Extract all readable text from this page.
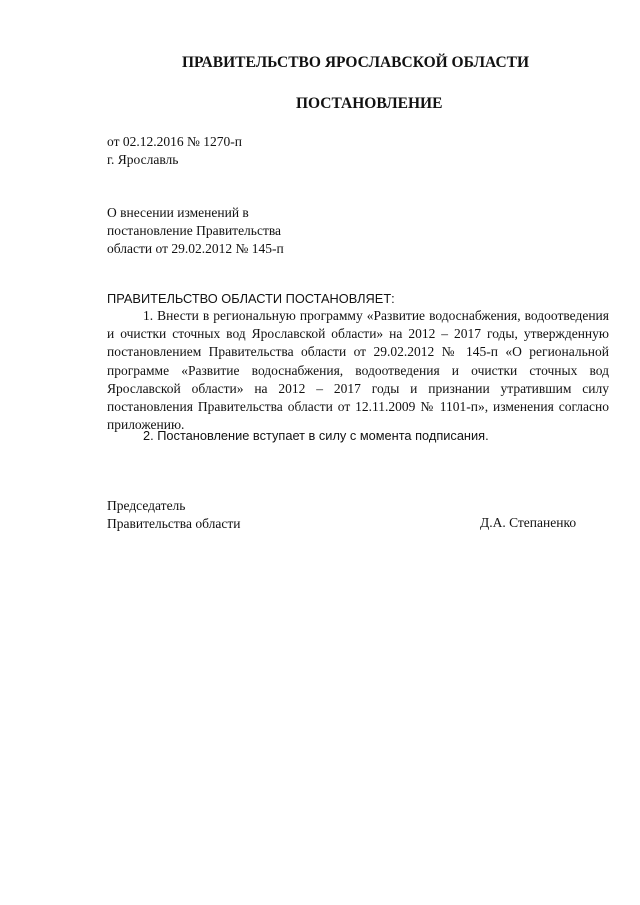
ПРАВИТЕЛЬСТВО ЯРОСЛАВСКОЙ ОБЛАСТИ
ПОСТАНОВЛЕНИЕ
от 02.12.2016 № 1270-п
г. Ярославль
О внесении изменений в
постановление Правительства
области от 29.02.2012 № 145-п
ПРАВИТЕЛЬСТВО ОБЛАСТИ ПОСТАНОВЛЯЕТ:
1. Внести в региональную программу «Развитие водоснабжения, водоотведения и очистки сточных вод Ярославской области» на 2012 – 2017 годы, утвержденную постановлением Правительства области от 29.02.2012 № 145-п «О региональной программе «Развитие водоснабжения, водоотведения и очистки сточных вод Ярославской области» на 2012 – 2017 годы и признании утратившим силу постановления Правительства области от 12.11.2009 № 1101-п», изменения согласно приложению.
2. Постановление вступает в силу с момента подписания.
Председатель
Правительства области	Д.А. Степаненко
